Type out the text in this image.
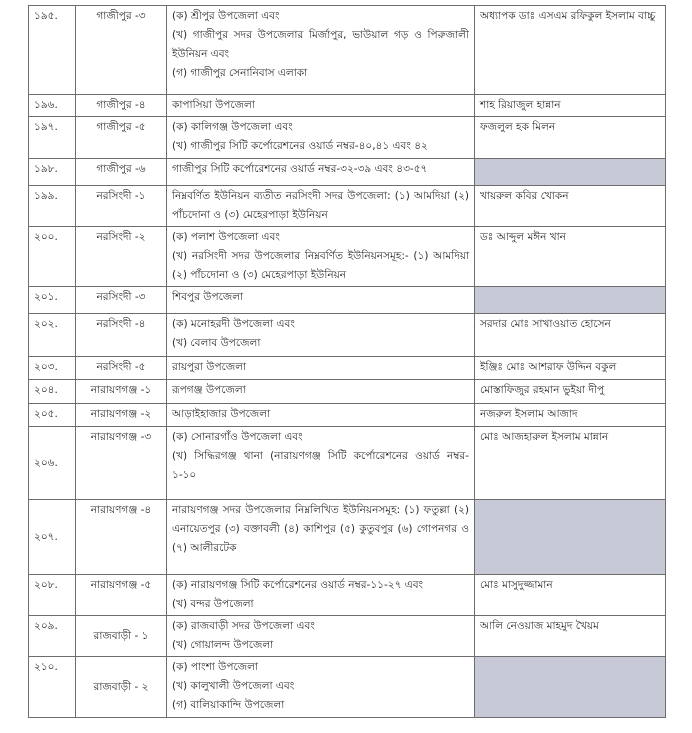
১৯৫.	গাজীপুর -৩	(ক) শ্রীপুর উপজেলা এবং
(খ) গাজীপুর সদর উপজেলার মির্জাপুর, ভাউয়াল গড় ও পিরুজালী ইউনিয়ন এবং
(গ) গাজীপুর সেনানিবাস এলাকা	অধ্যাপক ডাঃ এসএম রফিকুল ইসলাম বাচ্চু
১৯৬.	গাজীপুর -৪	কাপাসিয়া উপজেলা	শাহ রিয়াজুল হান্নান
১৯৭.	গাজীপুর -৫	(ক) কালিগঞ্জ উপজেলা এবং
(খ) গাজীপুর সিটি কর্পোরেশনের ওয়ার্ড নম্বর-৪০,৪১ এবং ৪২	ফজলুল হক মিলন
১৯৮.	গাজীপুর -৬	গাজীপুর সিটি কর্পোরেশনের ওয়ার্ড নম্বর-৩২-৩৯ এবং ৪৩-৫৭	

১৯৯.	নরসিংদী -১	নিম্নবর্ণিত ইউনিয়ন ব্যতীত নরসিংদী সদর উপজেলা: (১) আমদিয়া (২) পাঁচদোনা ও (৩) মেহেরপাড়া ইউনিয়ন	খায়রুল কবির খোকন
২০০.	নরসিংদী -২	(ক) পলাশ উপজেলা এবং
(খ) নরসিংদী সদর উপজেলার নিম্নবর্ণিত ইউনিয়নসমূহ:- (১) আমদিয়া (২) পাঁচদোনা ও (৩) মেহেরপাড়া ইউনিয়ন	ডঃ আব্দুল মঈন খান
২০১.	নরসিংদী -৩	শিবপুর উপজেলা	

২০২.	নরসিংদী -৪	(ক) মনোহরদী উপজেলা এবং
(খ) বেলাব উপজেলা	সরদার মোঃ সাখাওয়াত হোসেন
২০৩.	নরসিংদী -৫	রায়পুরা উপজেলা	ইঞ্জিঃ মোঃ আশরাফ উদ্দিন বকুল
২০৪.	নারায়ণগঞ্জ -১	রূপগঞ্জ উপজেলা	মোস্তাফিজুর রহমান ভুইয়া দীপু
২০৫.	নারায়ণগঞ্জ -২	আড়াইহাজার উপজেলা	নজরুল ইসলাম আজাদ
২০৬.	নারায়ণগঞ্জ -৩	(ক) সোনারগাঁও উপজেলা এবং
(খ) সিদ্ধিরগঞ্জ থানা (নারায়ণগঞ্জ সিটি কর্পোরেশনের ওয়ার্ড নম্বর- ১-১০	মোঃ আজহারুল ইসলাম মান্নান
২০৭.	নারায়ণগঞ্জ -৪	নারায়ণগঞ্জ সদর উপজেলার নিম্নলিখিত ইউনিয়নসমূহ: (১) ফতুল্লা (২) এনায়েতপুর (৩) বক্তাবলী (৪) কাশিপুর (৫) কুতুবপুর (৬) গোপনগর ও (৭) আলীরটেক	

২০৮.	নারায়ণগঞ্জ -৫	(ক) নারায়ণগঞ্জ সিটি কর্পোরেশনের ওয়ার্ড নম্বর-১১-২৭ এবং
(খ) বন্দর উপজেলা	মোঃ মাসুদুজ্জামান
২০৯.	রাজবাড়ী - ১	(ক) রাজবাড়ী সদর উপজেলা এবং
(খ) গোয়ালন্দ উপজেলা	আলি নেওয়াজ মাহমুদ খৈয়ম
২১০.	রাজবাড়ী - ২	(ক) পাংশা উপজেলা
(খ) কালুখালী উপজেলা এবং
(গ) বালিয়াকান্দি উপজেলা	
